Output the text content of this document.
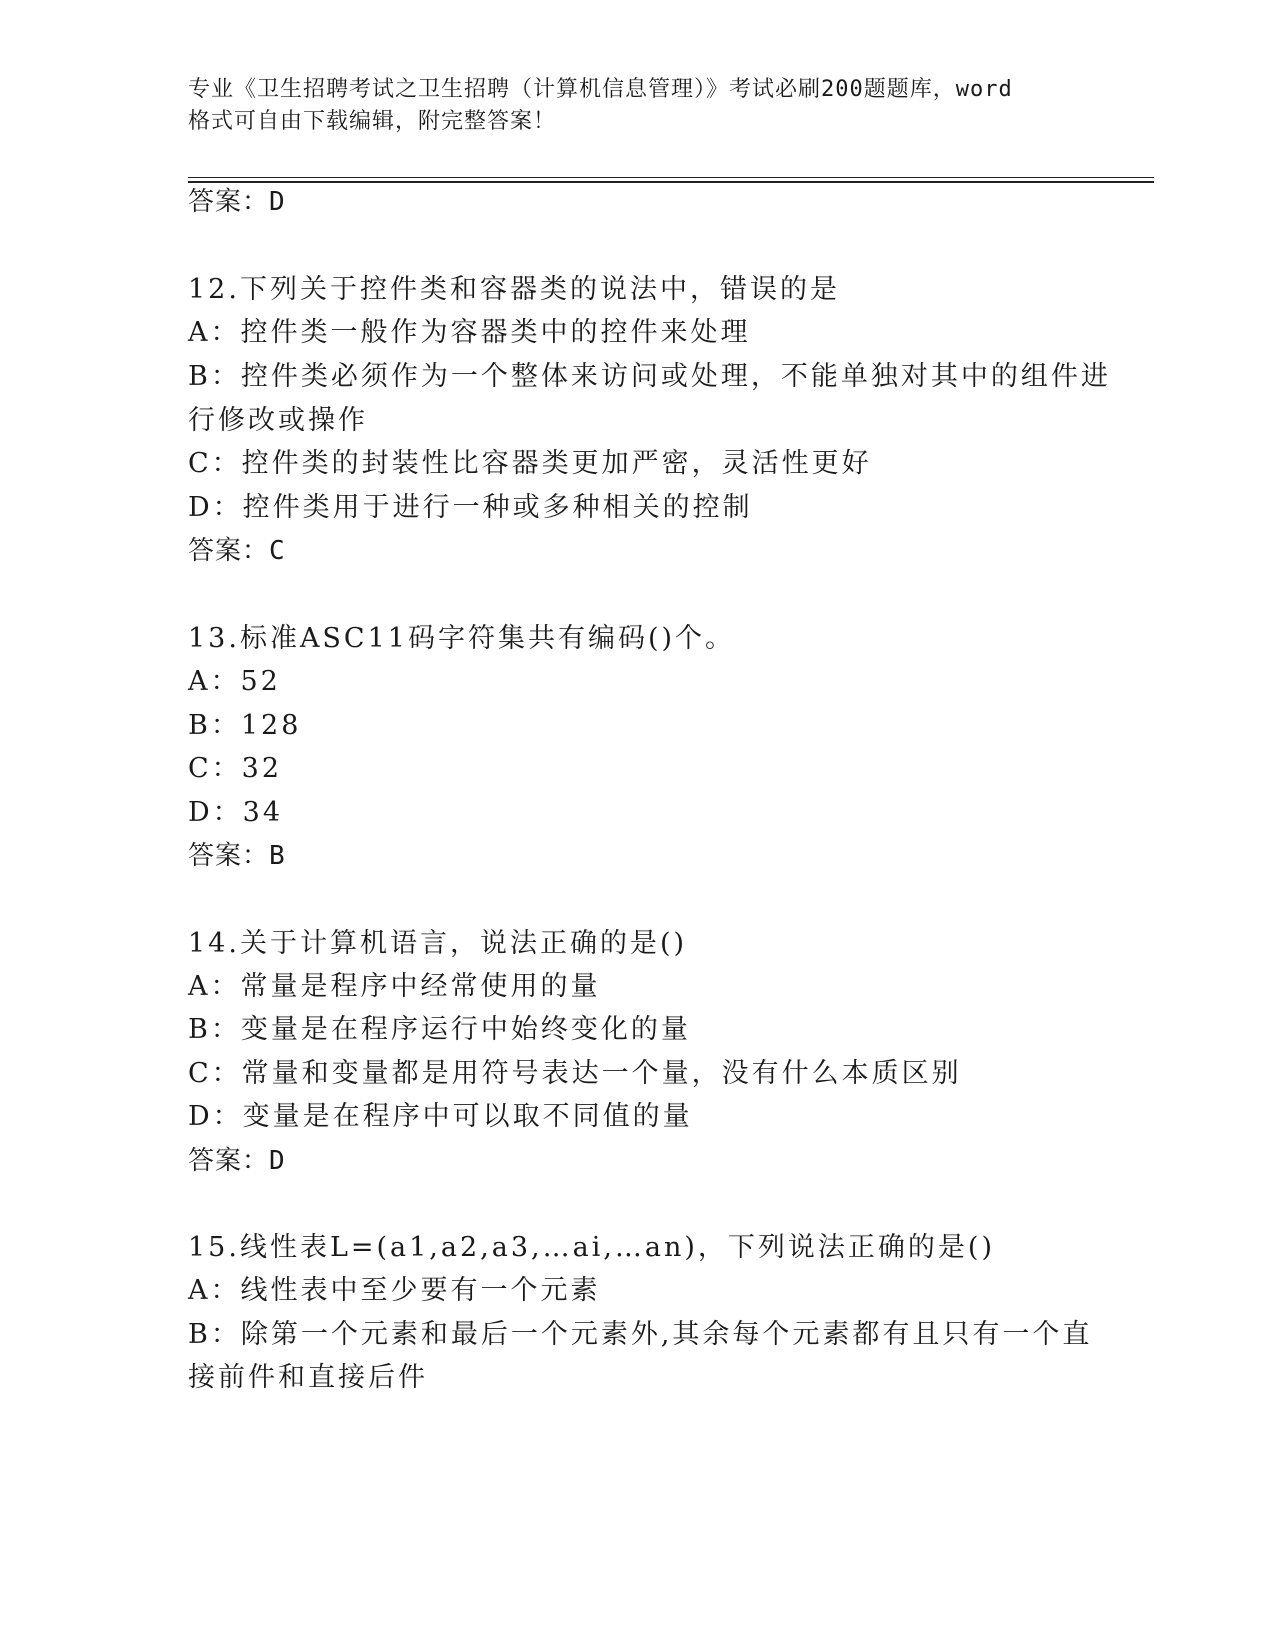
专业《卫生招聘考试之卫生招聘（计算机信息管理）》考试必刷200题题库，word
格式可自由下载编辑，附完整答案！
答案：D
12.下列关于控件类和容器类的说法中，错误的是
A：控件类一般作为容器类中的控件来处理
B：控件类必须作为一个整体来访问或处理，不能单独对其中的组件进
行修改或操作
C：控件类的封装性比容器类更加严密，灵活性更好
D：控件类用于进行一种或多种相关的控制
答案：C
13.标准ASC11码字符集共有编码()个。
A：52
B：128
C：32
D：34
答案：B
14.关于计算机语言，说法正确的是()
A：常量是程序中经常使用的量
B：变量是在程序运行中始终变化的量
C：常量和变量都是用符号表达一个量，没有什么本质区别
D：变量是在程序中可以取不同值的量
答案：D
15.线性表L=(a1,a2,a3,…ai,…an)，下列说法正确的是()
A：线性表中至少要有一个元素
B：除第一个元素和最后一个元素外,其余每个元素都有且只有一个直
接前件和直接后件
